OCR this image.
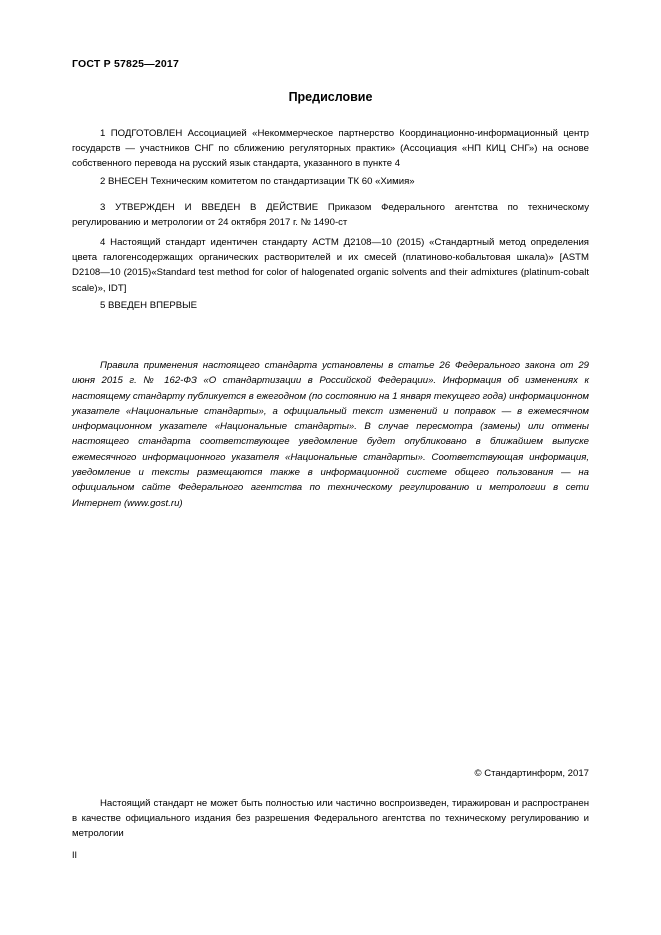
ГОСТ Р 57825—2017
Предисловие
1 ПОДГОТОВЛЕН Ассоциацией «Некоммерческое партнерство Координационно-информационный центр государств — участников СНГ по сближению регуляторных практик» (Ассоциация «НП КИЦ СНГ») на основе собственного перевода на русский язык стандарта, указанного в пункте 4
2 ВНЕСЕН Техническим комитетом по стандартизации ТК 60 «Химия»
3 УТВЕРЖДЕН И ВВЕДЕН В ДЕЙСТВИЕ Приказом Федерального агентства по техническому регулированию и метрологии от 24 октября 2017 г. № 1490-ст
4 Настоящий стандарт идентичен стандарту АСТМ Д2108—10 (2015) «Стандартный метод определения цвета галогенсодержащих органических растворителей и их смесей (платиново-кобальтовая шкала)» [ASTM D2108—10 (2015)«Standard test method for color of halogenated organic solvents and their admixtures (platinum-cobalt scale)», IDT]
5 ВВЕДЕН ВПЕРВЫЕ
Правила применения настоящего стандарта установлены в статье 26 Федерального закона от 29 июня 2015 г. № 162-ФЗ «О стандартизации в Российской Федерации». Информация об изменениях к настоящему стандарту публикуется в ежегодном (по состоянию на 1 января текущего года) информационном указателе «Национальные стандарты», а официальный текст изменений и поправок — в ежемесячном информационном указателе «Национальные стандарты». В случае пересмотра (замены) или отмены настоящего стандарта соответствующее уведомление будет опубликовано в ближайшем выпуске ежемесячного информационного указателя «Национальные стандарты». Соответствующая информация, уведомление и тексты размещаются также в информационной системе общего пользования — на официальном сайте Федерального агентства по техническому регулированию и метрологии в сети Интернет (www.gost.ru)
© Стандартинформ, 2017
Настоящий стандарт не может быть полностью или частично воспроизведен, тиражирован и распространен в качестве официального издания без разрешения Федерального агентства по техническому регулированию и метрологии
II
